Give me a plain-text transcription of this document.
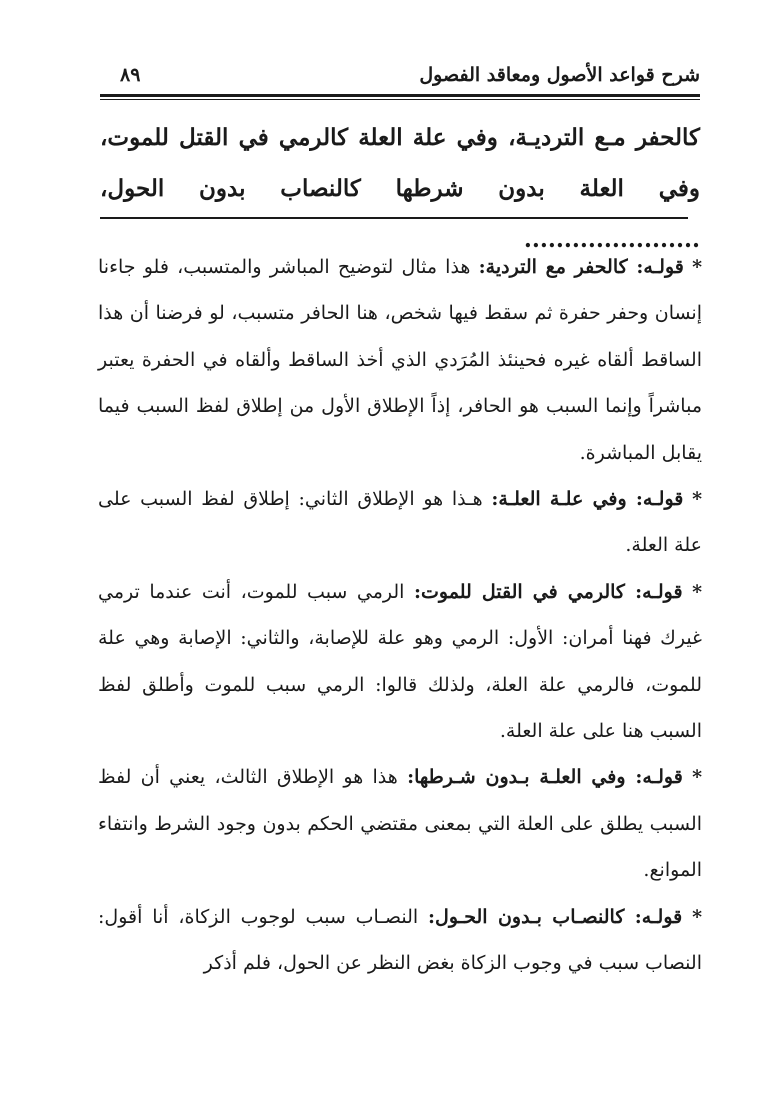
شرح قواعد الأصول ومعاقد الفصول
٨٩
كالحفر مـع الترديـة، وفي علة العلة كالرمي في القتل للموت، وفي العلة بدون شرطها كالنصاب بدون الحول، ......................

* قولـه: كالحفر مع التردية: هذا مثال لتوضيح المباشر والمتسبب، فلو جاءنا إنسان وحفر حفرة ثم سقط فيها شخص، هنا الحافر متسبب، لو فرضنا أن هذا الساقط ألقاه غيره فحينئذ المُرَدي الذي أخذ الساقط وألقاه في الحفرة يعتبر مباشراً وإنما السبب هو الحافر، إذاً الإطلاق الأول من إطلاق لفظ السبب فيما يقابل المباشرة.

* قولـه: وفي علـة العلـة: هـذا هو الإطلاق الثاني: إطلاق لفظ السبب على علة العلة.

* قولـه: كالرمي في القتل للموت: الرمي سبب للموت، أنت عندما ترمي غيرك فهنا أمران: الأول: الرمي وهو علة للإصابة، والثاني: الإصابة وهي علة للموت، فالرمي علة العلة، ولذلك قالوا: الرمي سبب للموت وأطلق لفظ السبب هنا على علة العلة.

* قولـه: وفي العلـة بـدون شـرطها: هذا هو الإطلاق الثالث، يعني أن لفظ السبب يطلق على العلة التي بمعنى مقتضي الحكم بدون وجود الشرط وانتفاء الموانع.

* قولـه: كالنصـاب بـدون الحـول: النصـاب سبب لوجوب الزكاة، أنا أقول: النصاب سبب في وجوب الزكاة بغض النظر عن الحول، فلم أذكر
